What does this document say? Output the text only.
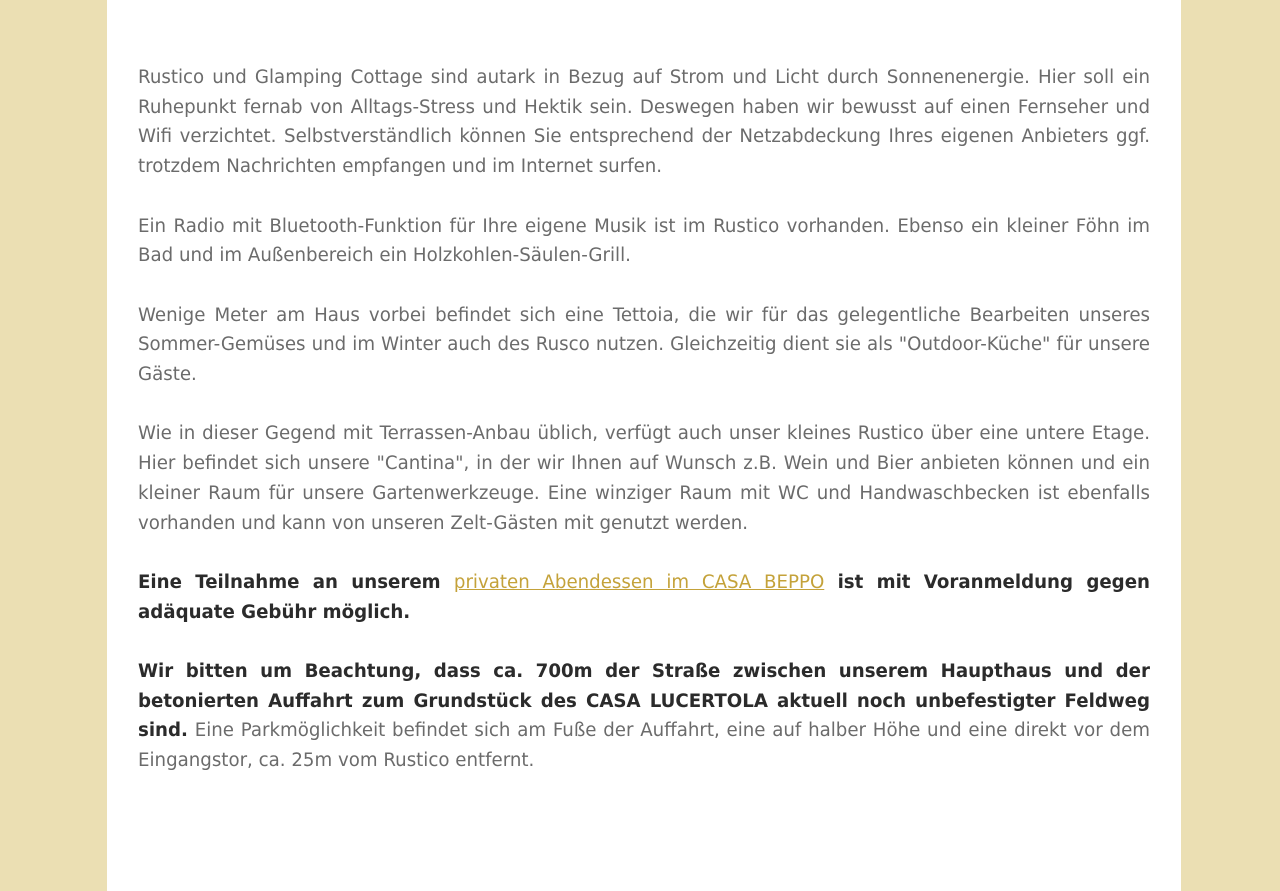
Rustico und Glamping Cottage sind autark in Bezug auf Strom und Licht durch Sonnenenergie. Hier soll ein Ruhepunkt fernab von Alltags-Stress und Hektik sein. Deswegen haben wir bewusst auf einen Fernseher und Wifi verzichtet. Selbstverständlich können Sie entsprechend der Netzabdeckung Ihres eigenen Anbieters ggf. trotzdem Nachrichten empfangen und im Internet surfen.

Ein Radio mit Bluetooth-Funktion für Ihre eigene Musik ist im Rustico vorhanden. Ebenso ein kleiner Föhn im Bad und im Außenbereich ein Holzkohlen-Säulen-Grill.

Wenige Meter am Haus vorbei befindet sich eine Tettoia, die wir für das gelegentliche Bearbeiten unseres Sommer-Gemüses und im Winter auch des Rusco nutzen. Gleichzeitig dient sie als "Outdoor-Küche" für unsere Gäste.

Wie in dieser Gegend mit Terrassen-Anbau üblich, verfügt auch unser kleines Rustico über eine untere Etage. Hier befindet sich unsere "Cantina", in der wir Ihnen auf Wunsch z.B. Wein und Bier anbieten können und ein kleiner Raum für unsere Gartenwerkzeuge. Eine winziger Raum mit WC und Handwaschbecken ist ebenfalls vorhanden und kann von unseren Zelt-Gästen mit genutzt werden.

Eine Teilnahme an unserem privaten Abendessen im CASA BEPPO ist mit Voranmeldung gegen adäquate Gebühr möglich.

Wir bitten um Beachtung, dass ca. 700m der Straße zwischen unserem Haupthaus und der betonierten Auffahrt zum Grundstück des CASA LUCERTOLA aktuell noch unbefestigter Feldweg sind. Eine Parkmöglichkeit befindet sich am Fuße der Auffahrt, eine auf halber Höhe und eine direkt vor dem Eingangstor, ca. 25m vom Rustico entfernt.
